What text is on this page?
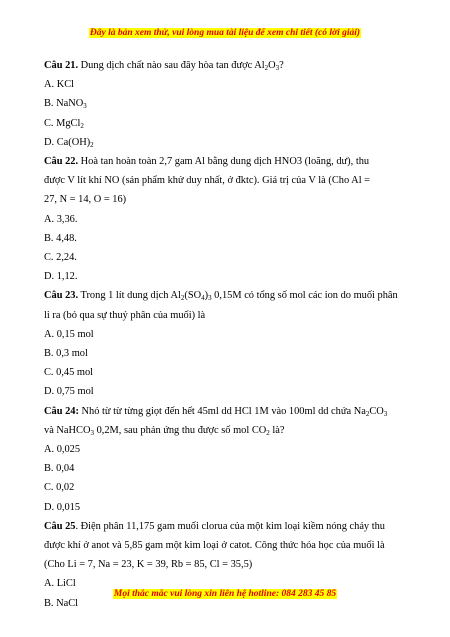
Đây là bản xem thử, vui lòng mua tài liệu để xem chi tiết (có lời giải)

Câu 21. Dung dịch chất nào sau đây hòa tan được $Al_2O_3$?

A. KCl

B. NaNO$_3$

C. MgCl$_2$

D. $Ca(OH)_2$

Câu 22. Hoà tan hoàn toàn 2,7 gam Al bằng dung dịch HNO3 (loãng, dư), thu

được V lít khí NO (sản phẩm khử duy nhất, ở đktc). Giá trị của V là (Cho Al =

27, N = 14, O = 16)

A. 3,36.

B. 4,48.

C. 2,24.

D. 1,12.

Câu 23. Trong 1 lít dung dịch $Al_2(SO_4)_3$ 0,15M có tổng số mol các ion do muối phân

li ra (bỏ qua sự thuỷ phân của muối) là

A. 0,15 mol

B. 0,3 mol

C. 0,45 mol

D. 0,75 mol

Câu 24: Nhỏ từ từ từng giọt đến hết 45ml dd HCl 1M vào 100ml dd chứa $Na_2CO_3$

và NaHCO$_3$ 0,2M, sau phản ứng thu được số mol $CO_2$ là?

A. 0,025

B. 0,04

C. 0,02

D. 0,015

Câu 25. Điện phân 11,175 gam muối clorua của một kim loại kiềm nóng chảy thu

được khí ở anot và 5,85 gam một kim loại ở catot. Công thức hóa học của muối là

(Cho Li = 7, Na = 23, K = 39, Rb = 85, Cl = 35,5)

A. LiCl

B. NaCl

Mọi thắc mắc vui lòng xin liên hệ hotline: 084 283 45 85
